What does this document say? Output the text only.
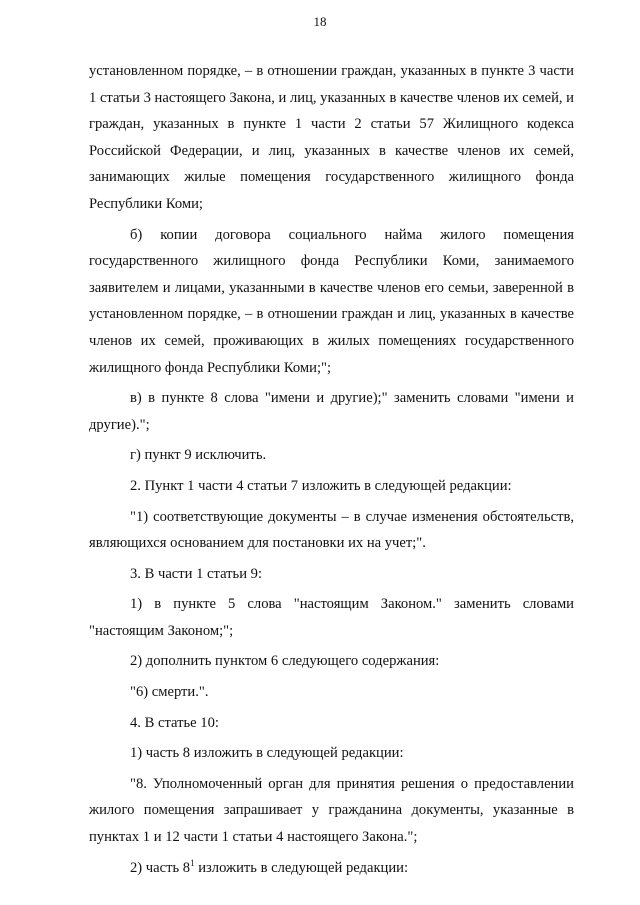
18

установленном порядке, – в отношении граждан, указанных в пункте 3 части 1 статьи 3 настоящего Закона, и лиц, указанных в качестве членов их семей, и граждан, указанных в пункте 1 части 2 статьи 57 Жилищного кодекса Российской Федерации, и лиц, указанных в качестве членов их семей, занимающих жилые помещения государственного жилищного фонда Республики Коми;

б) копии договора социального найма жилого помещения государственного жилищного фонда Республики Коми, занимаемого заявителем и лицами, указанными в качестве членов его семьи, заверенной в установленном порядке, – в отношении граждан и лиц, указанных в качестве членов их семей, проживающих в жилых помещениях государственного жилищного фонда Республики Коми;";

в) в пункте 8 слова "имени и другие);" заменить словами "имени и другие).";

г) пункт 9 исключить.

2. Пункт 1 части 4 статьи 7 изложить в следующей редакции:

"1) соответствующие документы – в случае изменения обстоятельств, являющихся основанием для постановки их на учет;".

3. В части 1 статьи 9:

1) в пункте 5 слова "настоящим Законом." заменить словами "настоящим Законом;";

2) дополнить пунктом 6 следующего содержания:

"6) смерти.".

4. В статье 10:

1) часть 8 изложить в следующей редакции:

"8. Уполномоченный орган для принятия решения о предоставлении жилого помещения запрашивает у гражданина документы, указанные в пунктах 1 и 12 части 1 статьи 4 настоящего Закона.";

2) часть $8^1$ изложить в следующей редакции:
